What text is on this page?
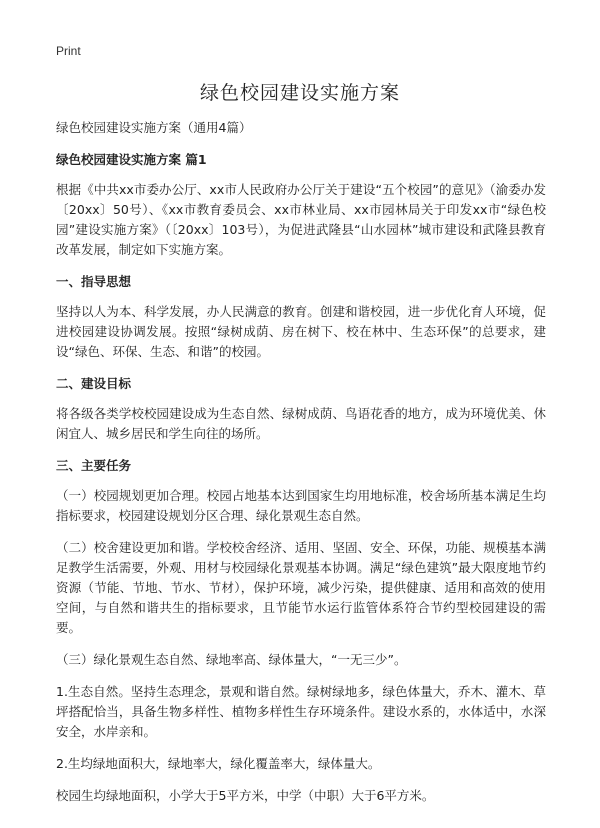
Print
绿色校园建设实施方案
绿色校园建设实施方案（通用4篇）
绿色校园建设实施方案 篇1
根据《中共xx市委办公厅、xx市人民政府办公厅关于建设“五个校园”的意见》（渝委办发〔20xx〕50号）、《xx市教育委员会、xx市林业局、xx市园林局关于印发xx市“绿色校园”建设实施方案》（〔20xx〕103号），为促进武隆县“山水园林”城市建设和武隆县教育改革发展，制定如下实施方案。
一、指导思想
坚持以人为本、科学发展，办人民满意的教育。创建和谐校园，进一步优化育人环境，促进校园建设协调发展。按照“绿树成荫、房在树下、校在林中、生态环保”的总要求，建设“绿色、环保、生态、和谐”的校园。
二、建设目标
将各级各类学校校园建设成为生态自然、绿树成荫、鸟语花香的地方，成为环境优美、休闲宜人、城乡居民和学生向往的场所。
三、主要任务
（一）校园规划更加合理。校园占地基本达到国家生均用地标准，校舍场所基本满足生均指标要求，校园建设规划分区合理、绿化景观生态自然。
（二）校舍建设更加和谐。学校校舍经济、适用、坚固、安全、环保，功能、规模基本满足教学生活需要，外观、用材与校园绿化景观基本协调。满足“绿色建筑”最大限度地节约资源（节能、节地、节水、节材），保护环境，减少污染，提供健康、适用和高效的使用空间，与自然和谐共生的指标要求，且节能节水运行监管体系符合节约型校园建设的需要。
（三）绿化景观生态自然、绿地率高、绿体量大，“一无三少”。
1.生态自然。坚持生态理念，景观和谐自然。绿树绿地多，绿色体量大，乔木、灌木、草坪搭配恰当，具备生物多样性、植物多样性生存环境条件。建设水系的，水体适中，水深安全，水岸亲和。
2.生均绿地面积大，绿地率大，绿化覆盖率大，绿体量大。
校园生均绿地面积，小学大于5平方米，中学（中职）大于6平方米。
